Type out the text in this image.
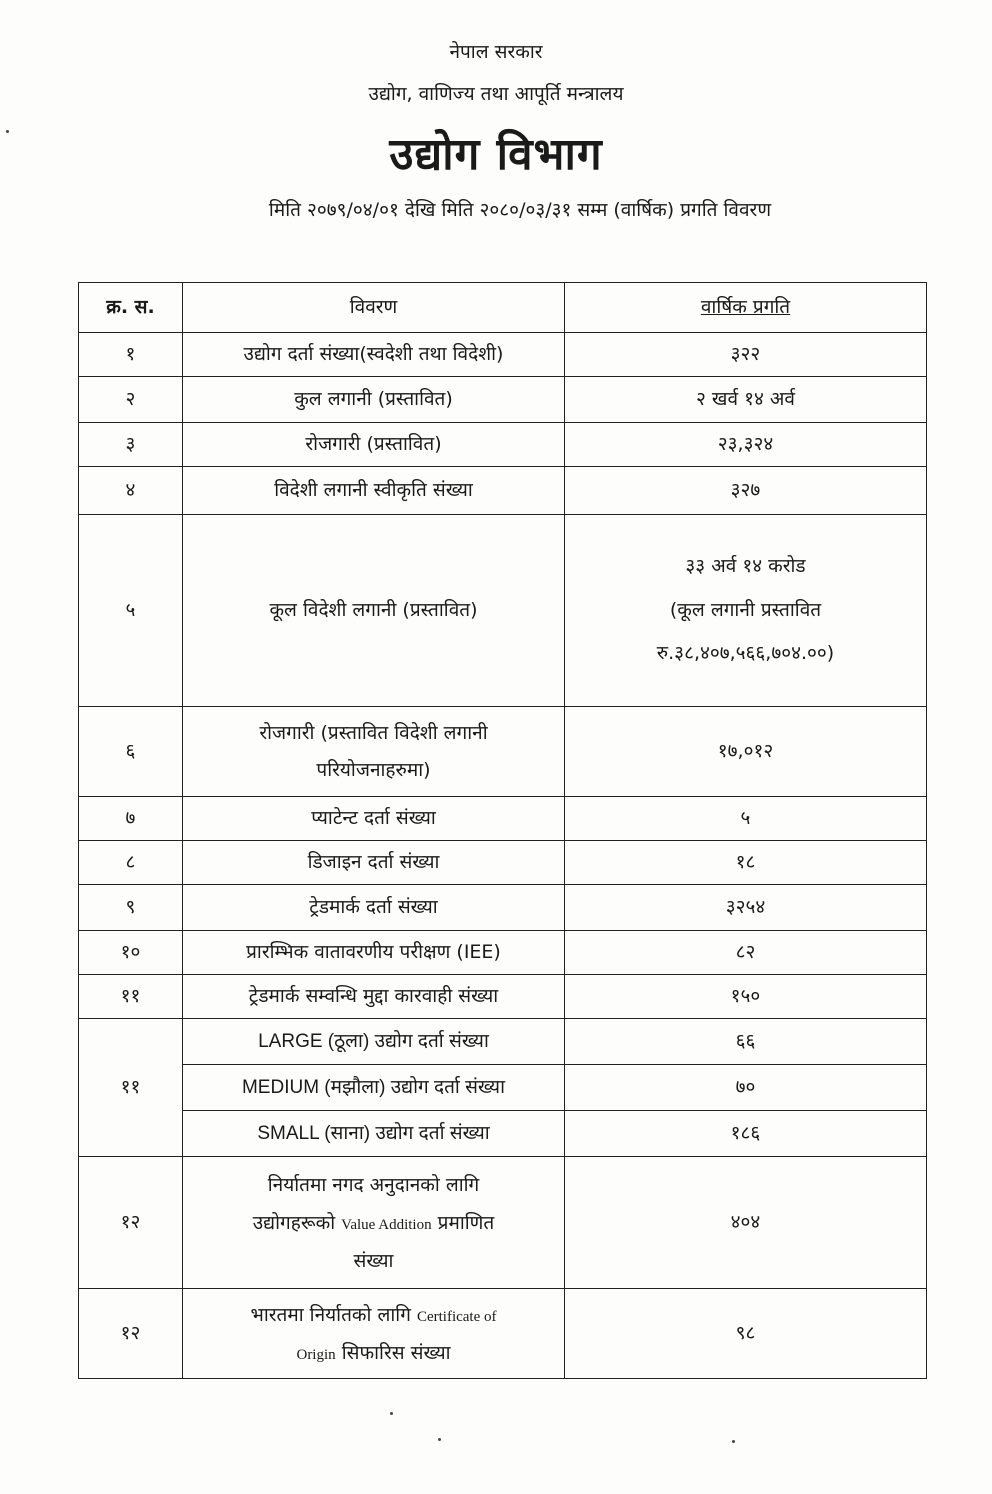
नेपाल सरकार
उद्योग, वाणिज्य तथा आपूर्ति मन्त्रालय
उद्योग विभाग
मिति २०७९/०४/०१ देखि मिति २०८०/०३/३१ सम्म (वार्षिक) प्रगति विवरण
क्र. स.	विवरण	वार्षिक प्रगति
१	उद्योग दर्ता संख्या(स्वदेशी तथा विदेशी)	३२२
२	कुल लगानी (प्रस्तावित)	२ खर्व १४ अर्व
३	रोजगारी (प्रस्तावित)	२३,३२४
४	विदेशी लगानी स्वीकृति संख्या	३२७
५	कूल विदेशी लगानी (प्रस्तावित)	३३ अर्व १४ करोड
(कूल लगानी प्रस्तावित
रु.३८,४०७,५६६,७०४.००)

६	रोजगारी (प्रस्तावित विदेशी लगानी
परियोजनाहरुमा)	१७,०१२
७	प्याटेन्ट दर्ता संख्या	५
८	डिजाइन दर्ता संख्या	१८
९	ट्रेडमार्क दर्ता संख्या	३२५४
१०	प्रारम्भिक वातावरणीय परीक्षण (IEE)	८२
११	ट्रेडमार्क सम्वन्धि मुद्दा कारवाही संख्या	१५०
११	LARGE (ठूला) उद्योग दर्ता संख्या	६६
	MEDIUM (मझौला) उद्योग दर्ता संख्या	७०
	SMALL (साना) उद्योग दर्ता संख्या	१८६
१२	निर्यातमा नगद अनुदानको लागि
उद्योगहरूको Value Addition प्रमाणित
संख्या	४०४
१२	भारतमा निर्यातको लागि Certificate of
Origin सिफारिस संख्या	९८
